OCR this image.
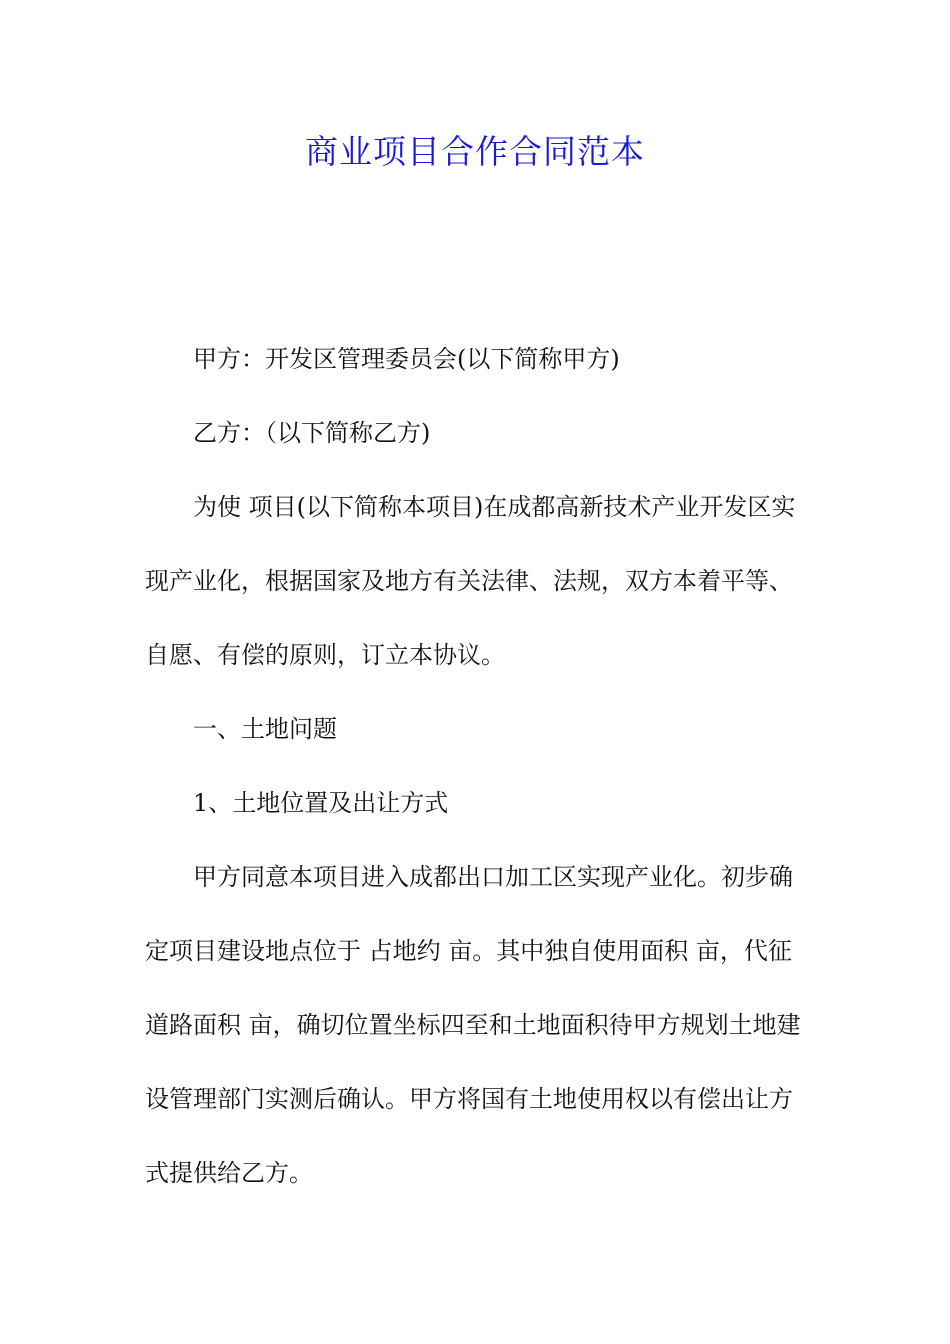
商业项目合作合同范本
甲方：开发区管理委员会(以下简称甲方)
乙方：（以下简称乙方)
为使 项目(以下简称本项目)在成都高新技术产业开发区实
现产业化，根据国家及地方有关法律、法规，双方本着平等、
自愿、有偿的原则，订立本协议。
一、土地问题
1、土地位置及出让方式
甲方同意本项目进入成都出口加工区实现产业化。初步确
定项目建设地点位于 占地约 亩。其中独自使用面积 亩，代征
道路面积 亩，确切位置坐标四至和土地面积待甲方规划土地建
设管理部门实测后确认。甲方将国有土地使用权以有偿出让方
式提供给乙方。
